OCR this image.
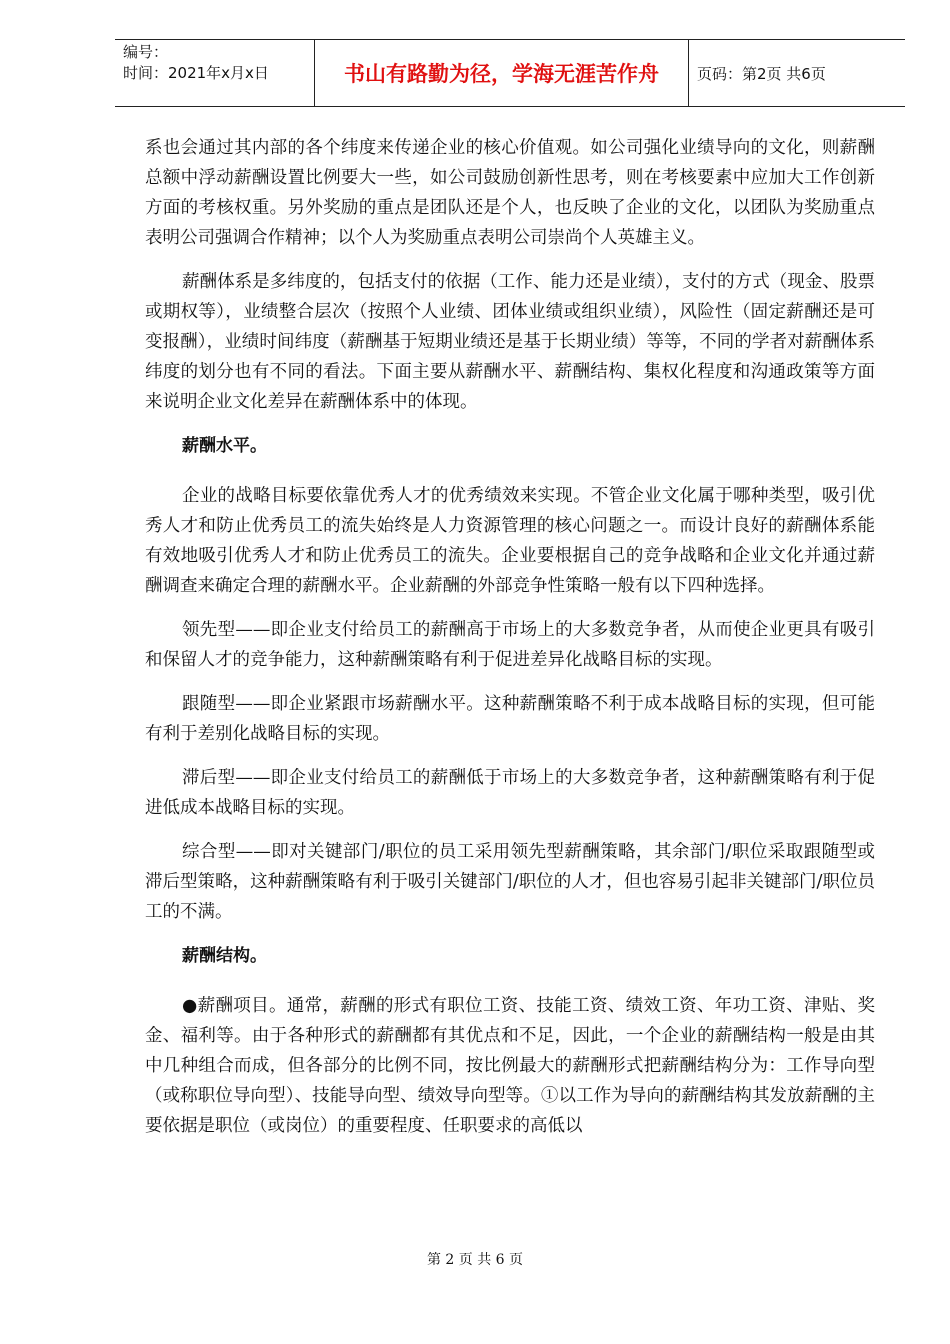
编号：
时间：2021年x月x日	书山有路勤为径，学海无涯苦作舟	页码：第2页 共6页

系也会通过其内部的各个纬度来传递企业的核心价值观。如公司强化业绩导向的文化，则薪酬总额中浮动薪酬设置比例要大一些，如公司鼓励创新性思考，则在考核要素中应加大工作创新方面的考核权重。另外奖励的重点是团队还是个人，也反映了企业的文化，以团队为奖励重点表明公司强调合作精神；以个人为奖励重点表明公司崇尚个人英雄主义。

薪酬体系是多纬度的，包括支付的依据（工作、能力还是业绩），支付的方式（现金、股票或期权等），业绩整合层次（按照个人业绩、团体业绩或组织业绩），风险性（固定薪酬还是可变报酬），业绩时间纬度（薪酬基于短期业绩还是基于长期业绩）等等，不同的学者对薪酬体系纬度的划分也有不同的看法。下面主要从薪酬水平、薪酬结构、集权化程度和沟通政策等方面来说明企业文化差异在薪酬体系中的体现。

薪酬水平。

企业的战略目标要依靠优秀人才的优秀绩效来实现。不管企业文化属于哪种类型，吸引优秀人才和防止优秀员工的流失始终是人力资源管理的核心问题之一。而设计良好的薪酬体系能有效地吸引优秀人才和防止优秀员工的流失。企业要根据自己的竞争战略和企业文化并通过薪酬调查来确定合理的薪酬水平。企业薪酬的外部竞争性策略一般有以下四种选择。

领先型——即企业支付给员工的薪酬高于市场上的大多数竞争者，从而使企业更具有吸引和保留人才的竞争能力，这种薪酬策略有利于促进差异化战略目标的实现。

跟随型——即企业紧跟市场薪酬水平。这种薪酬策略不利于成本战略目标的实现，但可能有利于差别化战略目标的实现。

滞后型——即企业支付给员工的薪酬低于市场上的大多数竞争者，这种薪酬策略有利于促进低成本战略目标的实现。

综合型——即对关键部门/职位的员工采用领先型薪酬策略，其余部门/职位采取跟随型或滞后型策略，这种薪酬策略有利于吸引关键部门/职位的人才，但也容易引起非关键部门/职位员工的不满。

薪酬结构。

●薪酬项目。通常，薪酬的形式有职位工资、技能工资、绩效工资、年功工资、津贴、奖金、福利等。由于各种形式的薪酬都有其优点和不足，因此，一个企业的薪酬结构一般是由其中几种组合而成，但各部分的比例不同，按比例最大的薪酬形式把薪酬结构分为：工作导向型（或称职位导向型）、技能导向型、绩效导向型等。①以工作为导向的薪酬结构其发放薪酬的主要依据是职位（或岗位）的重要程度、任职要求的高低以

第 2 页 共 6 页
